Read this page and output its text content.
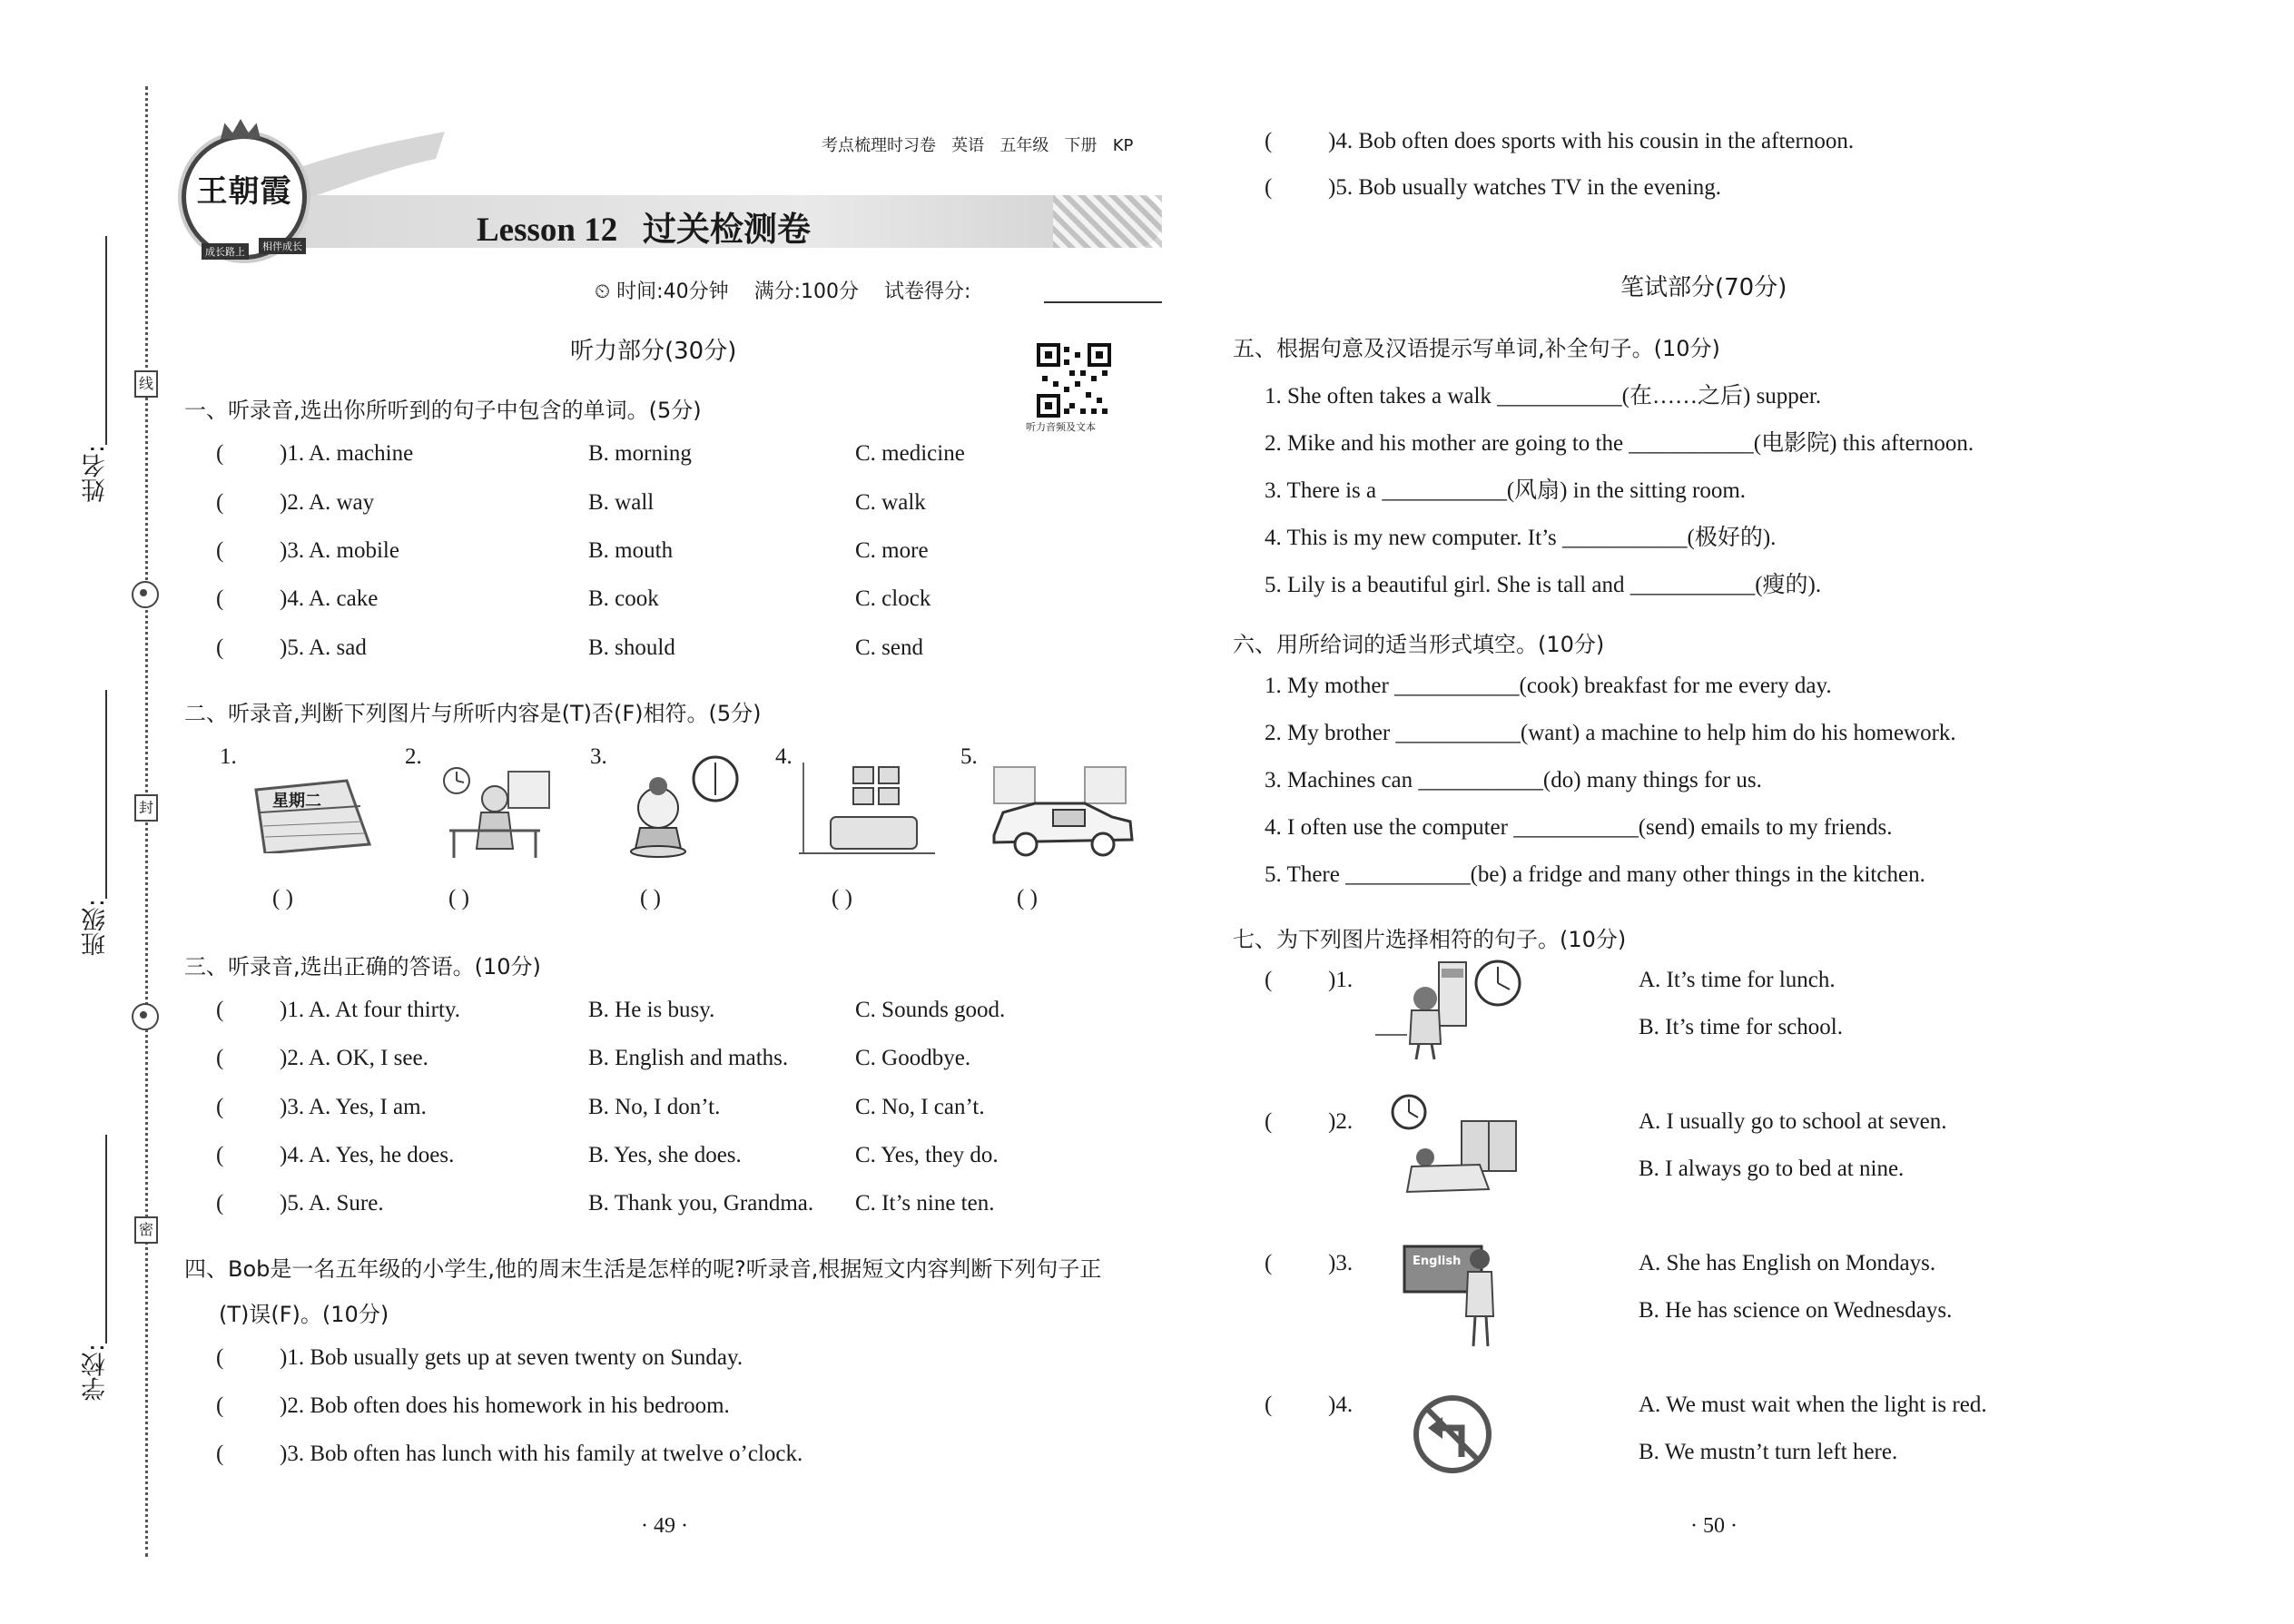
姓名:
班级:
学校:
线
封
密
考点梳理时习卷 英语 五年级 下册 KP
王朝霞
成长路上	相伴成长	Lesson 12 过关检测卷
⏲ 时间:40分钟 满分:100分 试卷得分:
听力音频及文本
听力部分(30分)
一、听录音,选出你所听到的句子中包含的单词。(5分)
( )1. A. machine	B. morning	C. medicine
( )2. A. way	B. wall	C. walk
( )3. A. mobile	B. mouth	C. more
( )4. A. cake	B. cook	C. clock
( )5. A. sad	B. should	C. send
二、听录音,判断下列图片与所听内容是(T)否(F)相符。(5分)
1.	2.	3.	4.	5.
星期二
( )	( )	( )	( )	( )
三、听录音,选出正确的答语。(10分)
( )1. A. At four thirty.	B. He is busy.	C. Sounds good.
( )2. A. OK, I see.	B. English and maths.	C. Goodbye.
( )3. A. Yes, I am.	B. No, I don’t.	C. No, I can’t.
( )4. A. Yes, he does.	B. Yes, she does.	C. Yes, they do.
( )5. A. Sure.	B. Thank you, Grandma. C. It’s nine ten.
四、Bob是一名五年级的小学生,他的周末生活是怎样的呢?听录音,根据短文内容判断下列句子正
(T)误(F)。(10分)
( )1. Bob usually gets up at seven twenty on Sunday.
( )2. Bob often does his homework in his bedroom.
( )3. Bob often has lunch with his family at twelve o’clock.
· 49 ·
( )4. Bob often does sports with his cousin in the afternoon.
( )5. Bob usually watches TV in the evening.
笔试部分(70分)
五、根据句意及汉语提示写单词,补全句子。(10分)
1. She often takes a walk ___________(在……之后) supper.
2. Mike and his mother are going to the ___________(电影院) this afternoon.
3. There is a ___________(风扇) in the sitting room.
4. This is my new computer. It’s ___________(极好的).
5. Lily is a beautiful girl. She is tall and ___________(瘦的).
六、用所给词的适当形式填空。(10分)
1. My mother ___________(cook) breakfast for me every day.
2. My brother ___________(want) a machine to help him do his homework.
3. Machines can ___________(do) many things for us.
4. I often use the computer ___________(send) emails to my friends.
5. There ___________(be) a fridge and many other things in the kitchen.
七、为下列图片选择相符的句子。(10分)
( )1.	A. It’s time for lunch.
B. It’s time for school.
( )2.	A. I usually go to school at seven.
B. I always go to bed at nine.
( )3.	English	A. She has English on Mondays.
B. He has science on Wednesdays.
( )4.	A. We must wait when the light is red.
B. We mustn’t turn left here.
· 50 ·
